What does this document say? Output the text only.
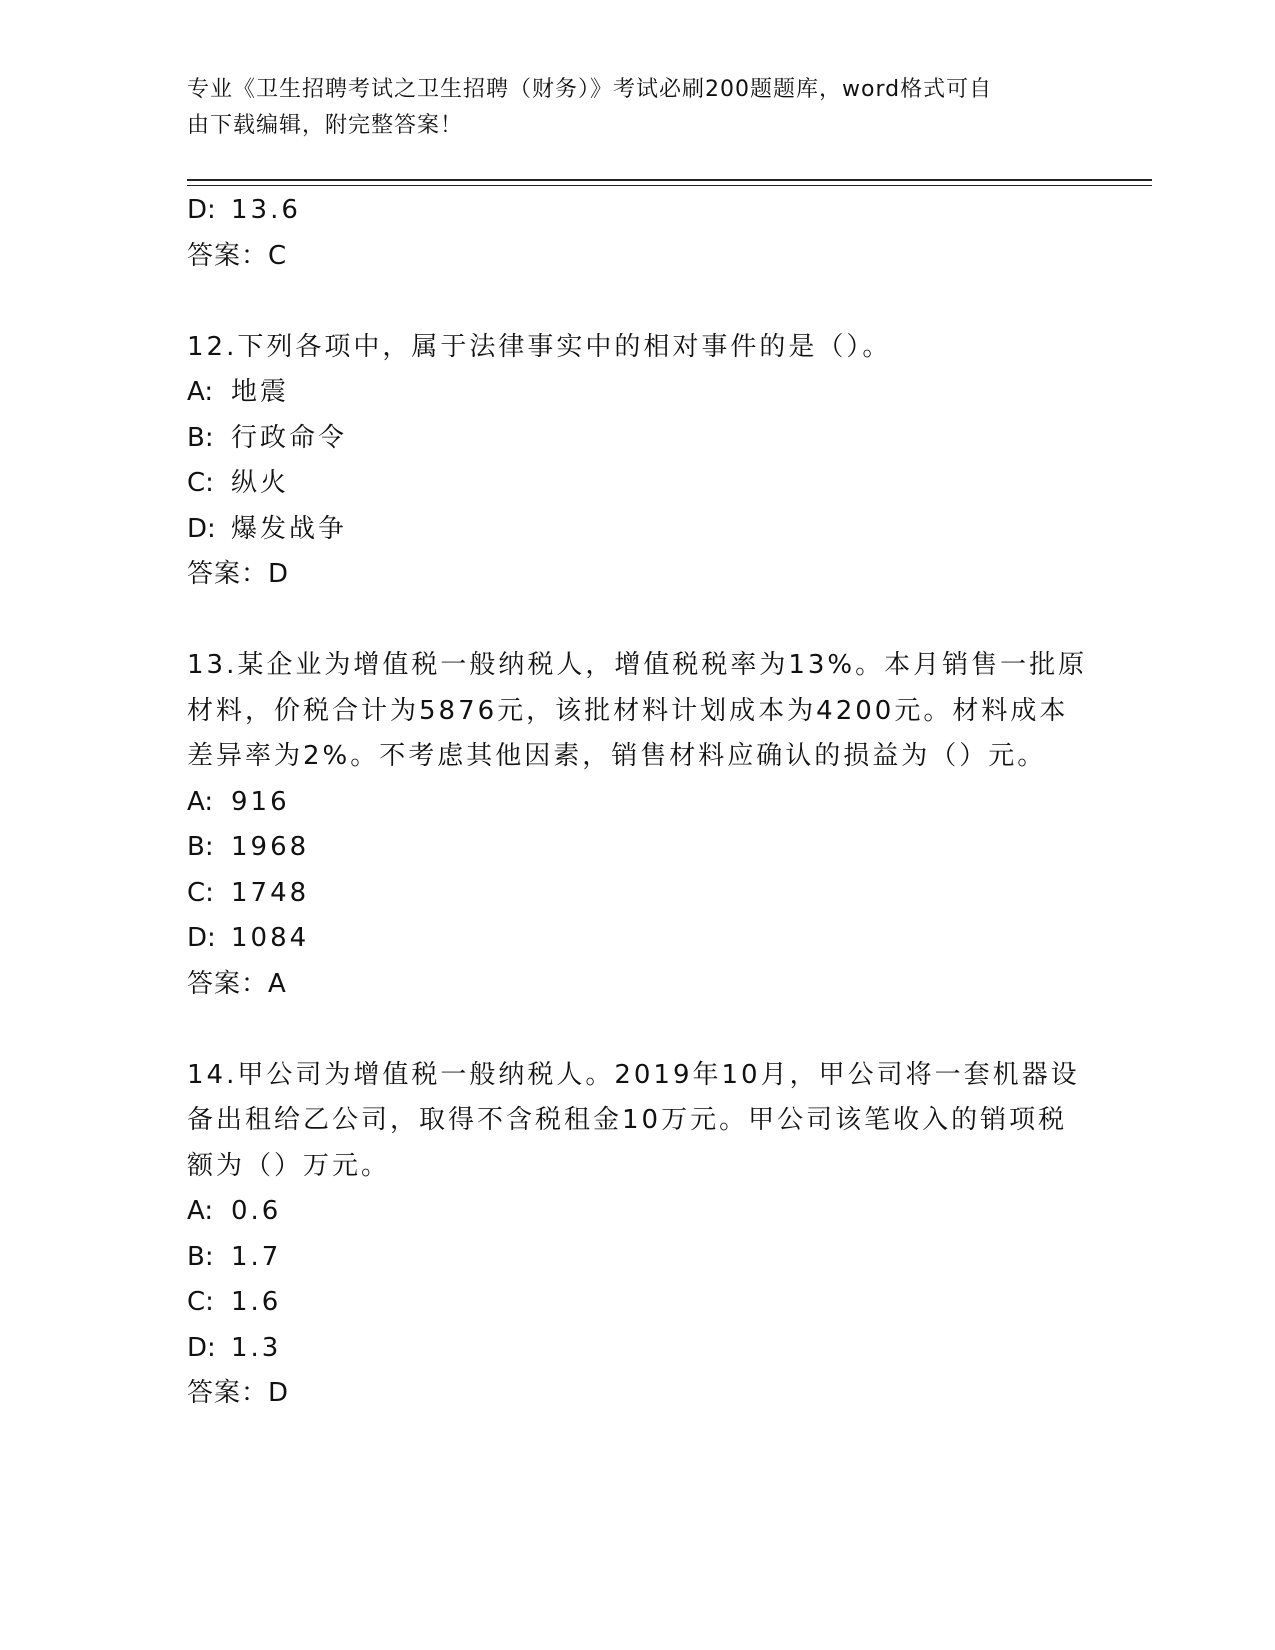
专业《卫生招聘考试之卫生招聘（财务）》考试必刷200题题库，word格式可自
由下载编辑，附完整答案！
D: 13.6
答案：C
12.下列各项中，属于法律事实中的相对事件的是（）。
A: 地震
B: 行政命令
C: 纵火
D: 爆发战争
答案：D
13.某企业为增值税一般纳税人，增值税税率为13%。本月销售一批原
材料，价税合计为5876元，该批材料计划成本为4200元。材料成本
差异率为2%。不考虑其他因素，销售材料应确认的损益为（）元。
A: 916
B: 1968
C: 1748
D: 1084
答案：A
14.甲公司为增值税一般纳税人。2019年10月，甲公司将一套机器设
备出租给乙公司，取得不含税租金10万元。甲公司该笔收入的销项税
额为（）万元。
A: 0.6
B: 1.7
C: 1.6
D: 1.3
答案：D
